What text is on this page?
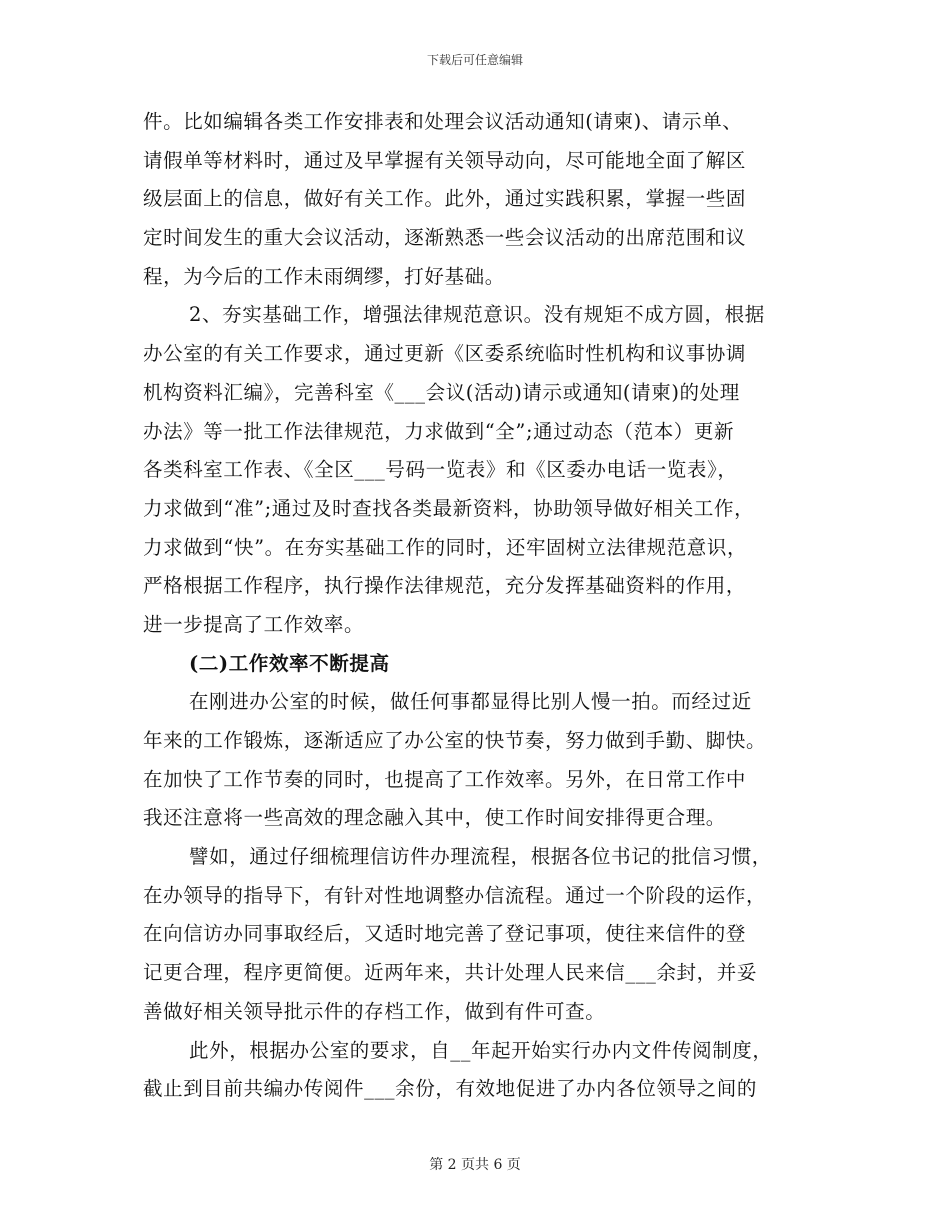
下载后可任意编辑
件。比如编辑各类工作安排表和处理会议活动通知(请柬)、请示单、
请假单等材料时，通过及早掌握有关领导动向，尽可能地全面了解区
级层面上的信息，做好有关工作。此外，通过实践积累，掌握一些固
定时间发生的重大会议活动，逐渐熟悉一些会议活动的出席范围和议
程，为今后的工作未雨绸缪，打好基础。
2、夯实基础工作，增强法律规范意识。没有规矩不成方圆，根据
办公室的有关工作要求，通过更新《区委系统临时性机构和议事协调
机构资料汇编》，完善科室《___会议(活动)请示或通知(请柬)的处理
办法》等一批工作法律规范，力求做到“全”;通过动态（范本）更新
各类科室工作表、《全区___号码一览表》和《区委办电话一览表》，
力求做到“准”;通过及时查找各类最新资料，协助领导做好相关工作，
力求做到“快”。在夯实基础工作的同时，还牢固树立法律规范意识，
严格根据工作程序，执行操作法律规范，充分发挥基础资料的作用，
进一步提高了工作效率。
(二)工作效率不断提高
在刚进办公室的时候，做任何事都显得比别人慢一拍。而经过近
年来的工作锻炼，逐渐适应了办公室的快节奏，努力做到手勤、脚快。
在加快了工作节奏的同时，也提高了工作效率。另外，在日常工作中
我还注意将一些高效的理念融入其中，使工作时间安排得更合理。
譬如，通过仔细梳理信访件办理流程，根据各位书记的批信习惯，
在办领导的指导下，有针对性地调整办信流程。通过一个阶段的运作，
在向信访办同事取经后，又适时地完善了登记事项，使往来信件的登
记更合理，程序更简便。近两年来，共计处理人民来信___余封，并妥
善做好相关领导批示件的存档工作，做到有件可查。
此外，根据办公室的要求，自__年起开始实行办内文件传阅制度，
截止到目前共编办传阅件___余份，有效地促进了办内各位领导之间的
第 2 页共 6 页
